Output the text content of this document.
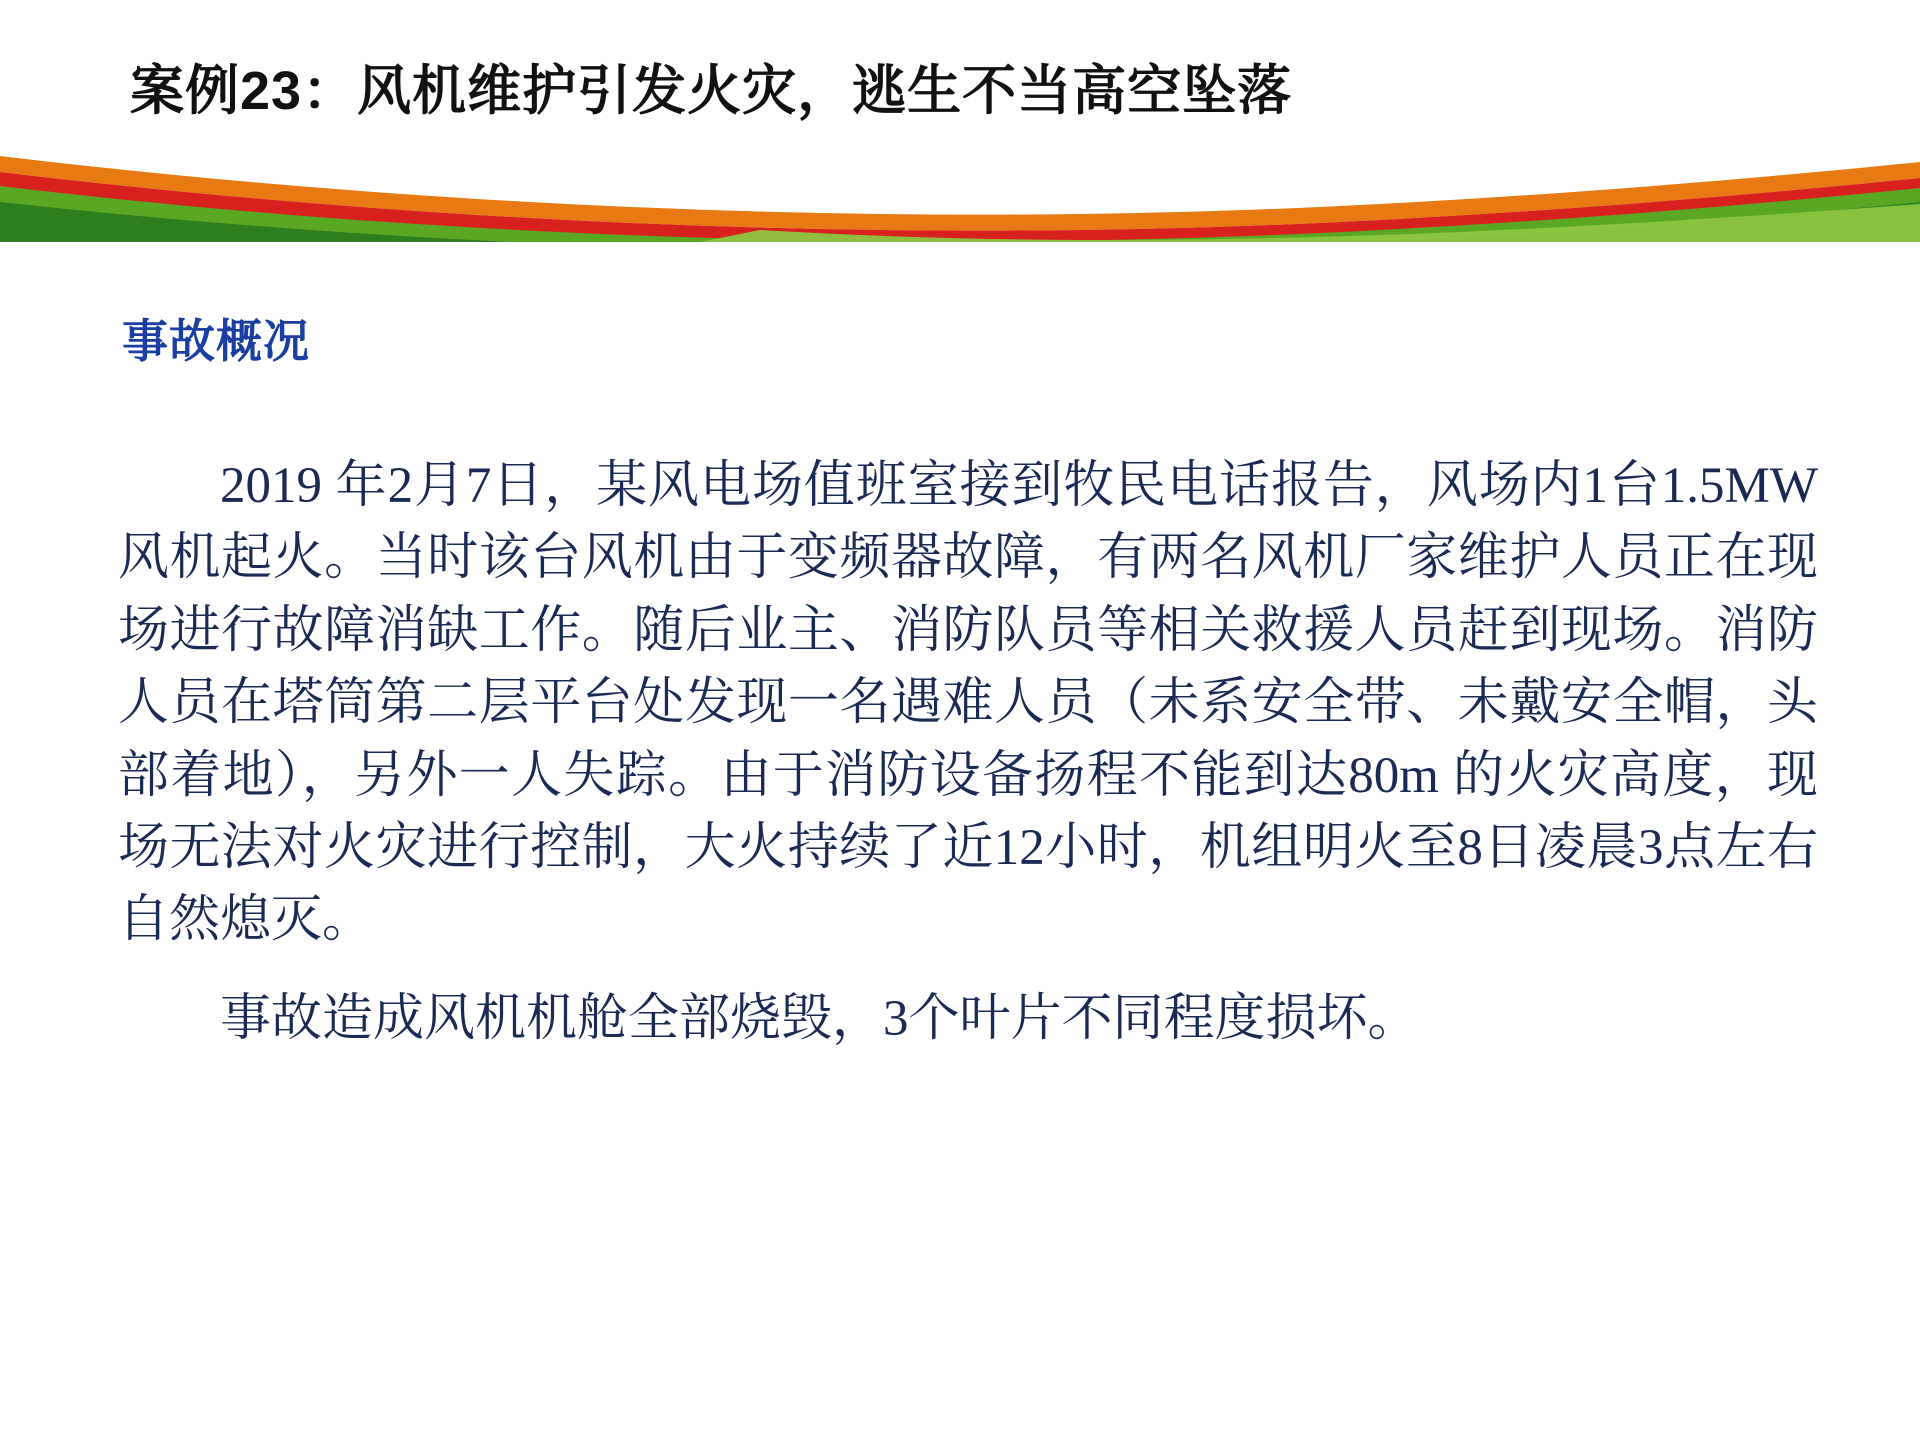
案例23：风机维护引发火灾，逃生不当高空坠落
事故概况

2019 年2月7日，某风电场值班室接到牧民电话报告，风场内1台1.5MW风机起火。当时该台风机由于变频器故障，有两名风机厂家维护人员正在现场进行故障消缺工作。随后业主、消防队员等相关救援人员赶到现场。消防人员在塔筒第二层平台处发现一名遇难人员（未系安全带、未戴安全帽，头部着地），另外一人失踪。由于消防设备扬程不能到达80m 的火灾高度，现场无法对火灾进行控制，大火持续了近12小时，机组明火至8日凌晨3点左右自然熄灭。

事故造成风机机舱全部烧毁，3个叶片不同程度损坏。
